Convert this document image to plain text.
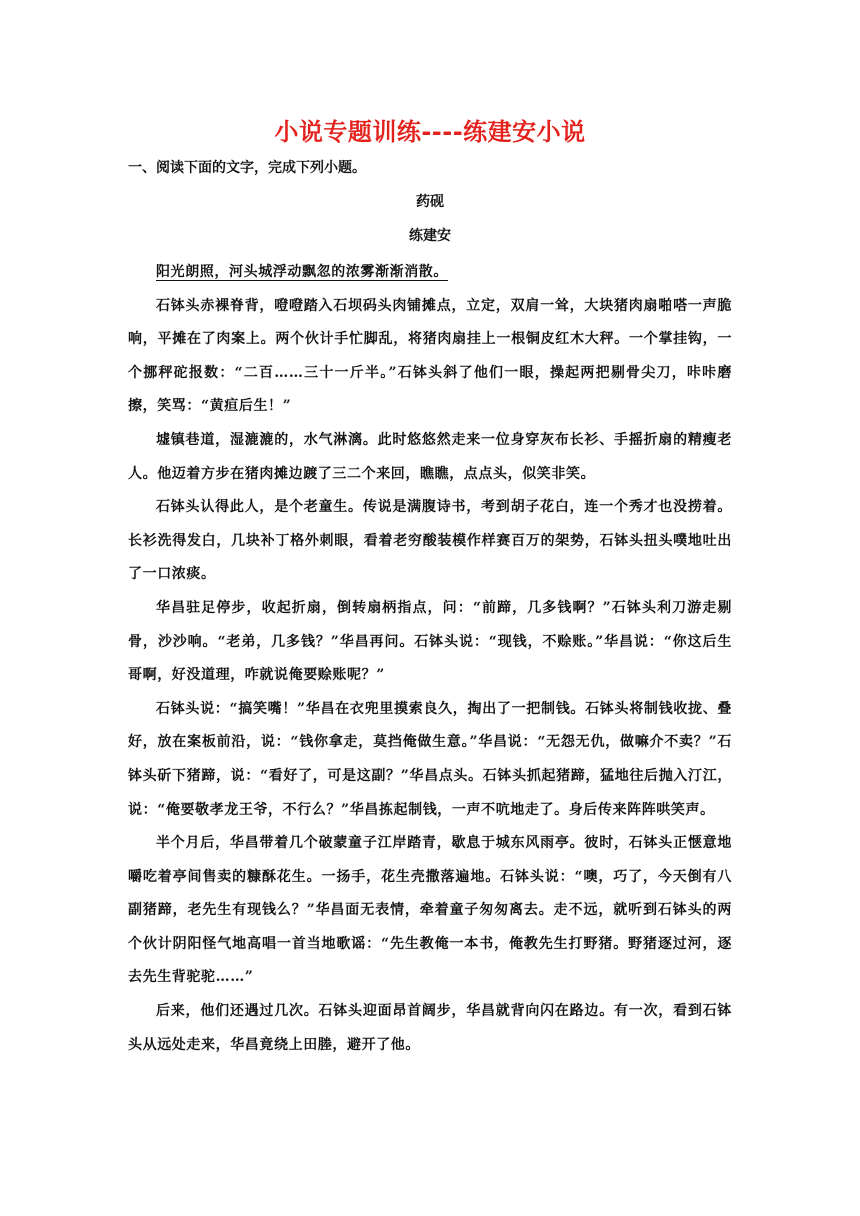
小说专题训练----练建安小说
一、阅读下面的文字，完成下列小题。
药砚
练建安

阳光朗照，河头城浮动飘忽的浓雾渐渐消散。

石钵头赤裸脊背，噔噔踏入石坝码头肉铺摊点，立定，双肩一耸，大块猪肉扇啪嗒一声脆响，平摊在了肉案上。两个伙计手忙脚乱，将猪肉扇挂上一根铜皮红木大秤。一个掌挂钩，一个挪秤砣报数：“二百……三十一斤半。”石钵头斜了他们一眼，操起两把剔骨尖刀，咔咔磨擦，笑骂：“黄疸后生！”

墟镇巷道，湿漉漉的，水气淋漓。此时悠悠然走来一位身穿灰布长衫、手摇折扇的精瘦老人。他迈着方步在猪肉摊边踱了三二个来回，瞧瞧，点点头，似笑非笑。

石钵头认得此人，是个老童生。传说是满腹诗书，考到胡子花白，连一个秀才也没捞着。长衫洗得发白，几块补丁格外刺眼，看着老穷酸装模作样赛百万的架势，石钵头扭头噗地吐出了一口浓痰。

华昌驻足停步，收起折扇，倒转扇柄指点，问：“前蹄，几多钱啊？”石钵头利刀游走剔骨，沙沙响。“老弟，几多钱？”华昌再问。石钵头说：“现钱，不赊账。”华昌说：“你这后生哥啊，好没道理，咋就说俺要赊账呢？”

石钵头说：“搞笑嘴！”华昌在衣兜里摸索良久，掏出了一把制钱。石钵头将制钱收拢、叠好，放在案板前沿，说：“钱你拿走，莫挡俺做生意。”华昌说：“无怨无仇，做嘛介不卖？”石钵头斫下猪蹄，说：“看好了，可是这副？”华昌点头。石钵头抓起猪蹄，猛地往后抛入汀江，说：“俺要敬孝龙王爷，不行么？”华昌拣起制钱，一声不吭地走了。身后传来阵阵哄笑声。

半个月后，华昌带着几个破蒙童子江岸踏青，歇息于城东风雨亭。彼时，石钵头正惬意地嚼吃着亭间售卖的糠酥花生。一扬手，花生壳撒落遍地。石钵头说：“噢，巧了，今天倒有八副猪蹄，老先生有现钱么？”华昌面无表情，牵着童子匆匆离去。走不远，就听到石钵头的两个伙计阴阳怪气地高唱一首当地歌谣：“先生教俺一本书，俺教先生打野猪。野猪逐过河，逐去先生背驼驼……”

后来，他们还遇过几次。石钵头迎面昂首阔步，华昌就背向闪在路边。有一次，看到石钵头从远处走来，华昌竟绕上田塍，避开了他。
